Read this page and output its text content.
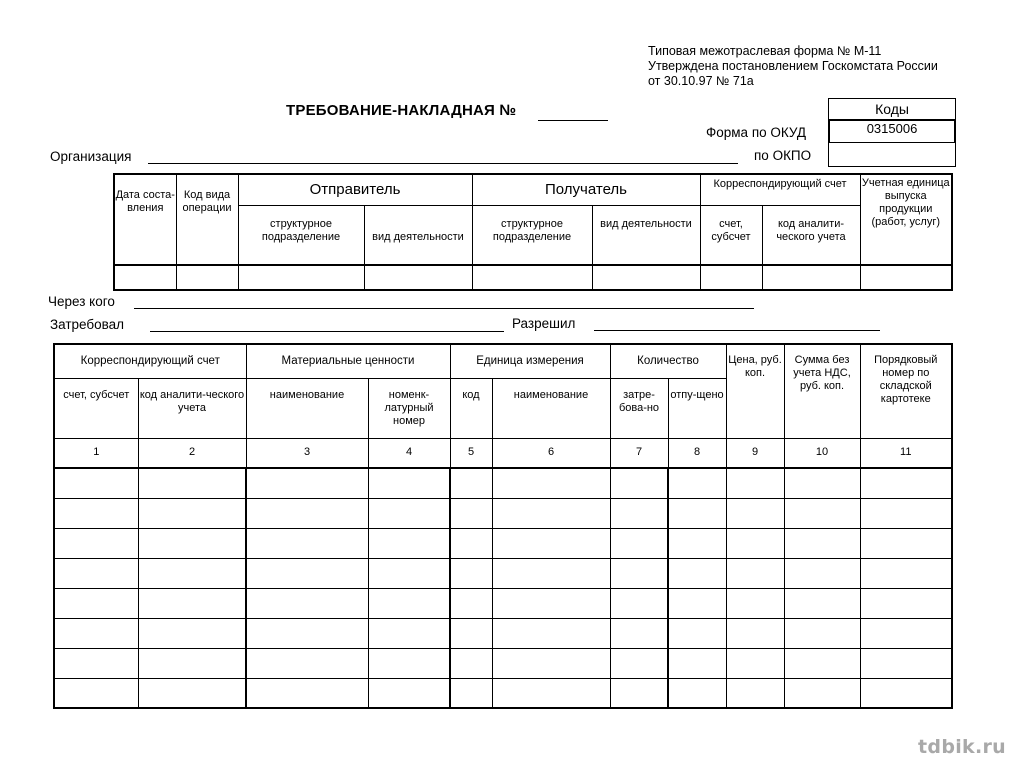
Типовая межотраслевая форма № М-11
Утверждена постановлением Госкомстата России
от 30.10.97 № 71а
ТРЕБОВАНИЕ-НАКЛАДНАЯ №	Коды
0315006
Форма по ОКУД
по ОКПО
Организация
Дата соста-вления	Код вида операции	Отправитель		Получатель		Корреспондирующий счет		Учетная единица выпуска продукции (работ, услуг)
		структурное подразделение	вид деятельности	структурное подразделение	вид деятельности	счет, субсчет	код аналити-ческого учета	

Через кого
Затребовал	Разрешил
Корреспондирующий счет		Материальные ценности		Единица измерения		Количество		Цена, руб. коп.	Сумма без учета НДС, руб. коп.	Порядковый номер по складской картотеке
счет, субсчет	код аналити-ческого учета	наименование	номенк-латурный номер	код	наименование	затре-бова-но	отпу-щено			
1	2	3	4	5	6	7	8	9	10	11

tdbik.ru
